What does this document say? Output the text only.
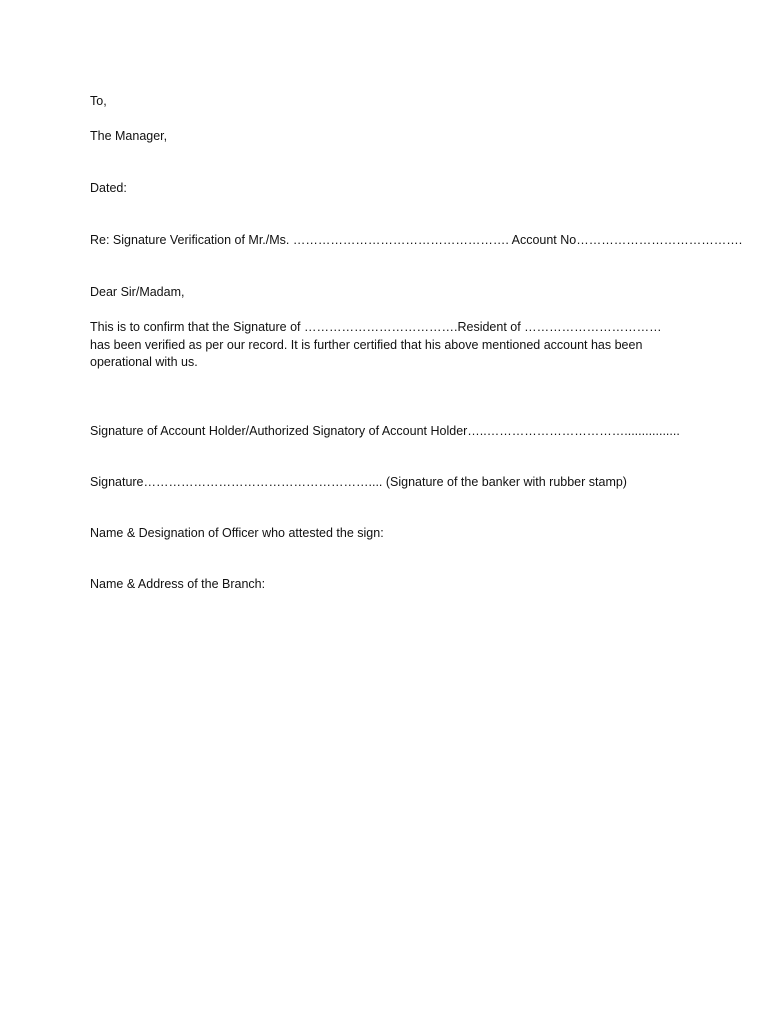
To,
The Manager,
Dated:
Re: Signature Verification of Mr./Ms. ……………………………………………. Account No………………………………….
Dear Sir/Madam,
This is to confirm that the Signature of ……………………………….Resident of ……………………………has been verified as per our record. It is further certified that his above mentioned account has been operational with us.
Signature of Account Holder/Authorized Signatory of Account Holder…..……………………………................
Signature……………………………………………….... (Signature of the banker with rubber stamp)
Name & Designation of Officer who attested the sign:
Name & Address of the Branch:
